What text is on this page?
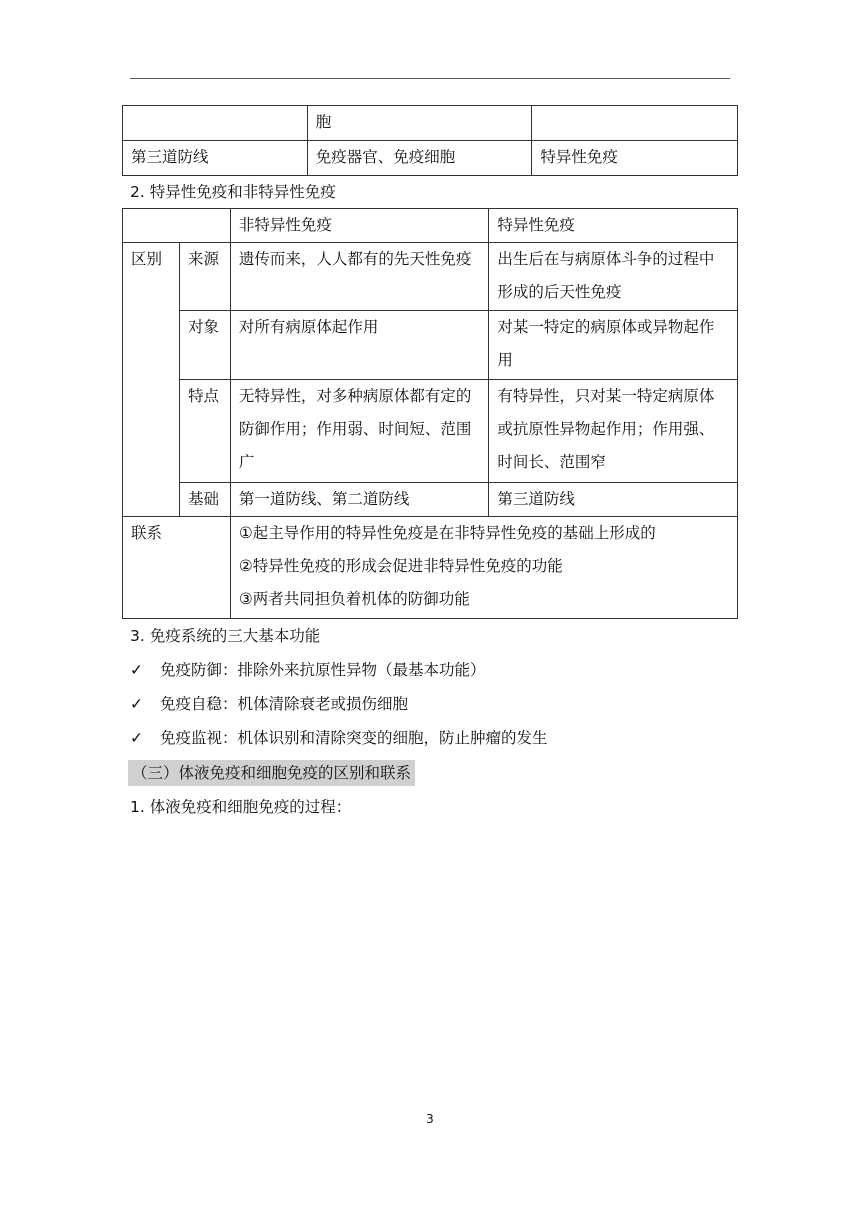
	胞	
第三道防线	免疫器官、免疫细胞	特异性免疫
2. 特异性免疫和非特异性免疫
		非特异性免疫	特异性免疫
区别	来源	遗传而来，人人都有的先天性免疫	出生后在与病原体斗争的过程中形成的后天性免疫
	对象	对所有病原体起作用	对某一特定的病原体或异物起作用
	特点	无特异性，对多种病原体都有定的防御作用；作用弱、时间短、范围广	有特异性，只对某一特定病原体或抗原性异物起作用；作用强、时间长、范围窄
	基础	第一道防线、第二道防线	第三道防线
联系		①起主导作用的特异性免疫是在非特异性免疫的基础上形成的
②特异性免疫的形成会促进非特异性免疫的功能
③两者共同担负着机体的防御功能	
3. 免疫系统的三大基本功能
✓ 免疫防御：排除外来抗原性异物（最基本功能）
✓ 免疫自稳：机体清除衰老或损伤细胞
✓ 免疫监视：机体识别和清除突变的细胞，防止肿瘤的发生
（三）体液免疫和细胞免疫的区别和联系
1. 体液免疫和细胞免疫的过程：
3
